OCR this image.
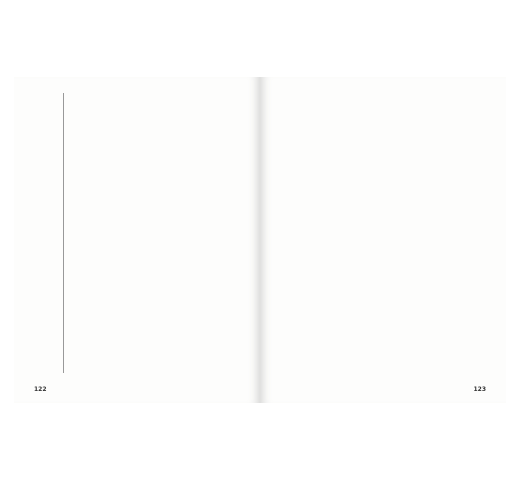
122	123
